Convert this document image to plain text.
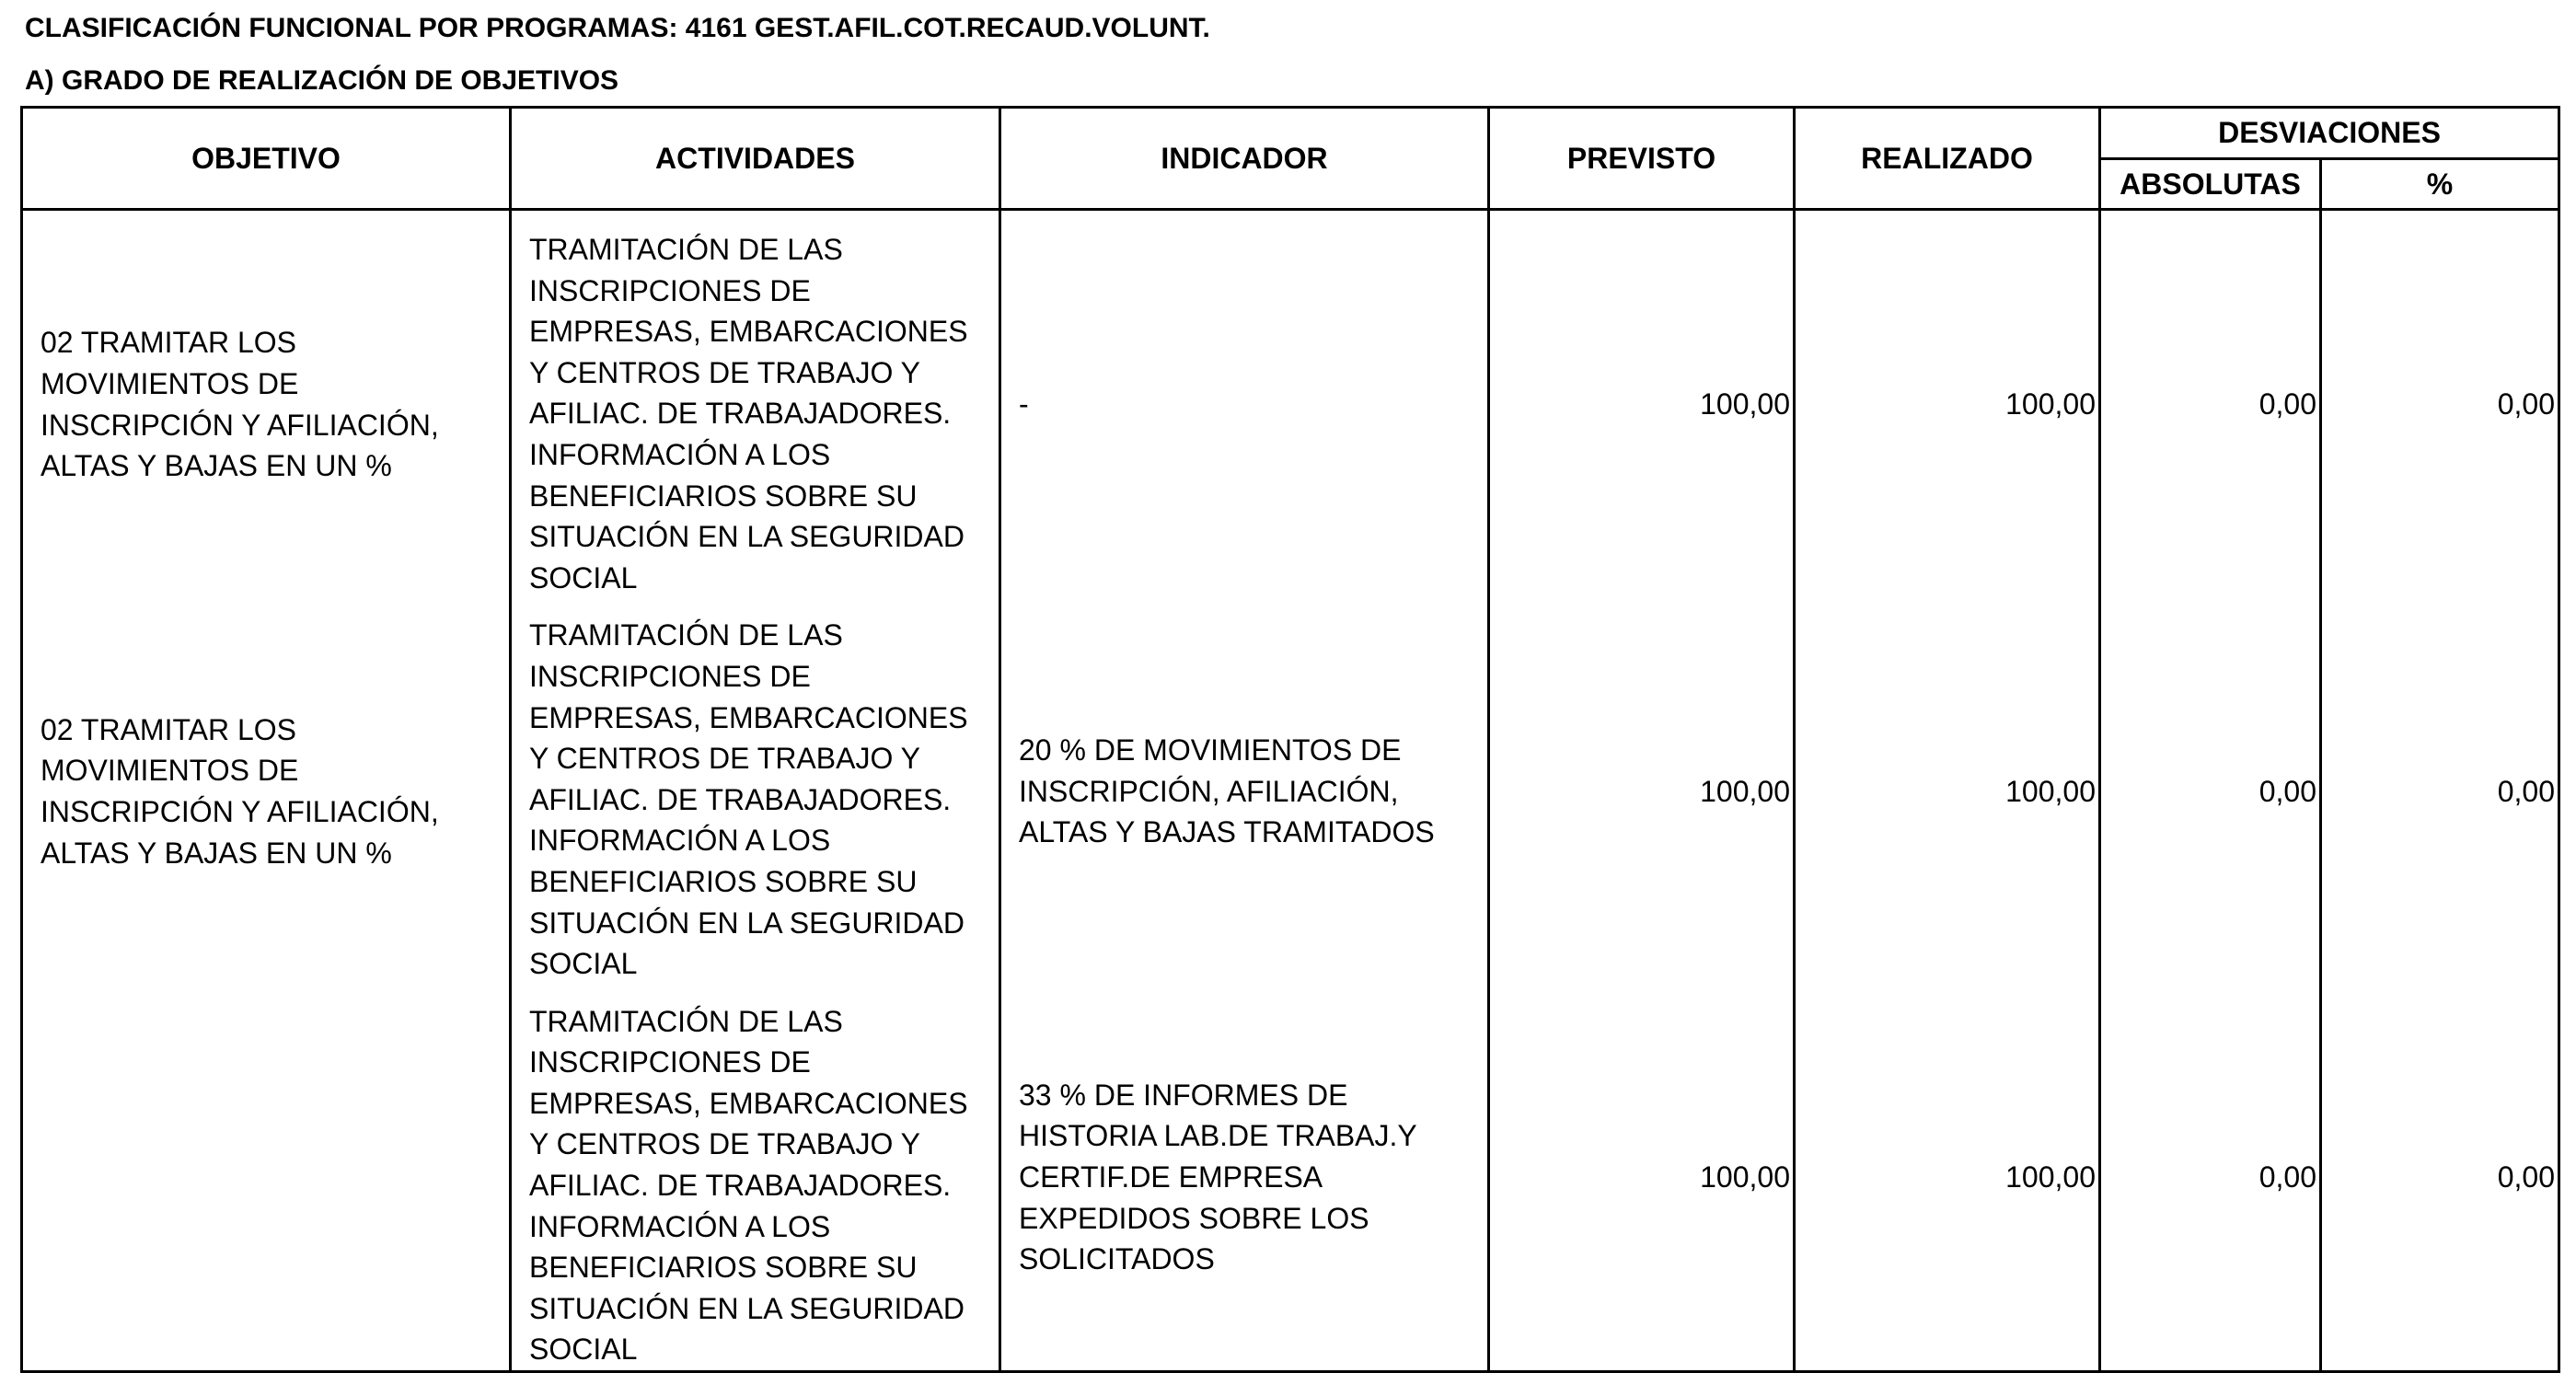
CLASIFICACIÓN FUNCIONAL POR PROGRAMAS: 4161 GEST.AFIL.COT.RECAUD.VOLUNT.
A) GRADO DE REALIZACIÓN DE OBJETIVOS
OBJETIVO	ACTIVIDADES	INDICADOR	PREVISTO	REALIZADO	DESVIACIONES	
					ABSOLUTAS	%
02 TRAMITAR LOS MOVIMIENTOS DE INSCRIPCIÓN Y AFILIACIÓN, ALTAS Y BAJAS EN UN %	TRAMITACIÓN DE LAS INSCRIPCIONES DE EMPRESAS, EMBARCACIONES Y CENTROS DE TRABAJO Y AFILIAC. DE TRABAJADORES. INFORMACIÓN A LOS BENEFICIARIOS SOBRE SU SITUACIÓN EN LA SEGURIDAD SOCIAL	-	100,00	100,00	0,00	0,00
02 TRAMITAR LOS MOVIMIENTOS DE INSCRIPCIÓN Y AFILIACIÓN, ALTAS Y BAJAS EN UN %	TRAMITACIÓN DE LAS INSCRIPCIONES DE EMPRESAS, EMBARCACIONES Y CENTROS DE TRABAJO Y AFILIAC. DE TRABAJADORES. INFORMACIÓN A LOS BENEFICIARIOS SOBRE SU SITUACIÓN EN LA SEGURIDAD SOCIAL	20 % DE MOVIMIENTOS DE INSCRIPCIÓN, AFILIACIÓN, ALTAS Y BAJAS TRAMITADOS	100,00	100,00	0,00	0,00

	TRAMITACIÓN DE LAS INSCRIPCIONES DE EMPRESAS, EMBARCACIONES Y CENTROS DE TRABAJO Y AFILIAC. DE TRABAJADORES. INFORMACIÓN A LOS BENEFICIARIOS SOBRE SU SITUACIÓN EN LA SEGURIDAD SOCIAL	33 % DE INFORMES DE HISTORIA LAB.DE TRABAJ.Y CERTIF.DE EMPRESA EXPEDIDOS SOBRE LOS SOLICITADOS	100,00	100,00	0,00	0,00
